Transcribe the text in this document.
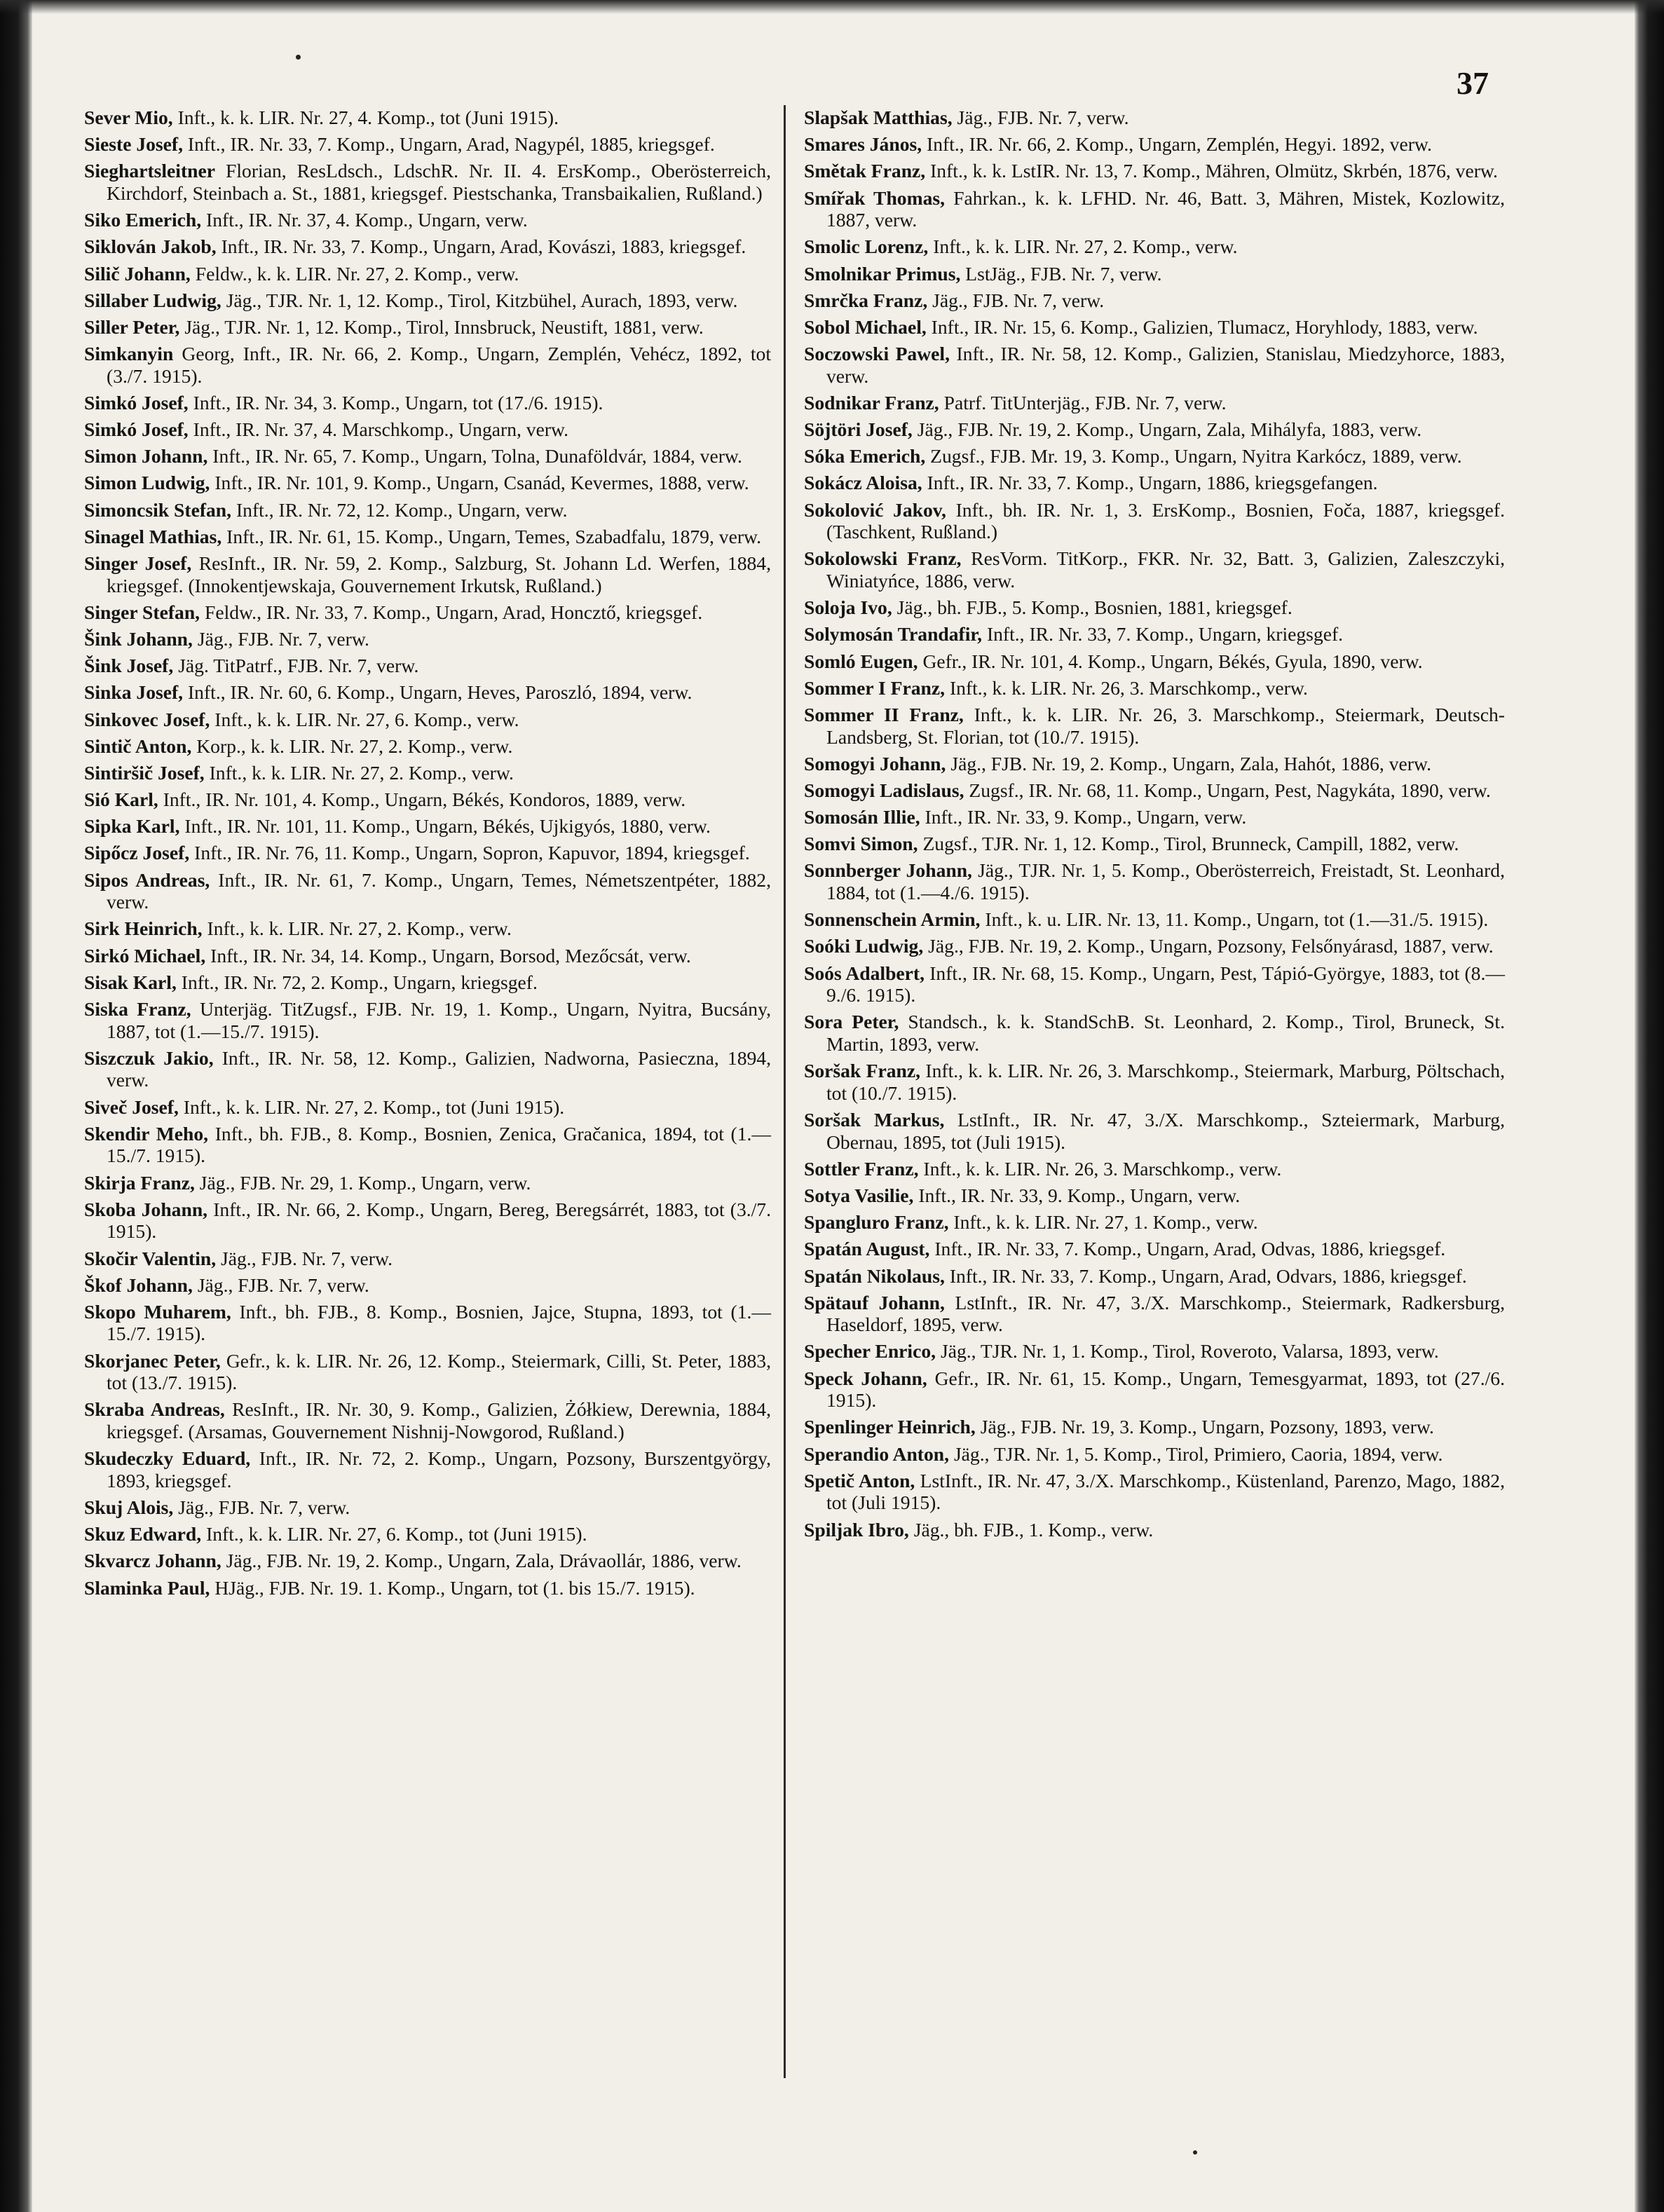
37

Sever Mio, Inft., k. k. LIR. Nr. 27, 4. Komp., tot (Juni 1915).

Sieste Josef, Inft., IR. Nr. 33, 7. Komp., Ungarn, Arad, Nagypél, 1885, kriegsgef.

Sieghartsleitner Florian, ResLdsch., LdschR. Nr. II. 4. ErsKomp., Oberösterreich, Kirchdorf, Steinbach a. St., 1881, kriegsgef. Piestschanka, Transbaikalien, Rußland.)

Siko Emerich, Inft., IR. Nr. 37, 4. Komp., Ungarn, verw.

Siklován Jakob, Inft., IR. Nr. 33, 7. Komp., Ungarn, Arad, Kovászi, 1883, kriegsgef.

Silič Johann, Feldw., k. k. LIR. Nr. 27, 2. Komp., verw.

Sillaber Ludwig, Jäg., TJR. Nr. 1, 12. Komp., Tirol, Kitzbühel, Aurach, 1893, verw.

Siller Peter, Jäg., TJR. Nr. 1, 12. Komp., Tirol, Innsbruck, Neustift, 1881, verw.

Simkanyin Georg, Inft., IR. Nr. 66, 2. Komp., Ungarn, Zemplén, Vehécz, 1892, tot (3./7. 1915).

Simkó Josef, Inft., IR. Nr. 34, 3. Komp., Ungarn, tot (17./6. 1915).

Simkó Josef, Inft., IR. Nr. 37, 4. Marschkomp., Ungarn, verw.

Simon Johann, Inft., IR. Nr. 65, 7. Komp., Ungarn, Tolna, Dunaföldvár, 1884, verw.

Simon Ludwig, Inft., IR. Nr. 101, 9. Komp., Ungarn, Csanád, Kevermes, 1888, verw.

Simoncsik Stefan, Inft., IR. Nr. 72, 12. Komp., Ungarn, verw.

Sinagel Mathias, Inft., IR. Nr. 61, 15. Komp., Ungarn, Temes, Szabadfalu, 1879, verw.

Singer Josef, ResInft., IR. Nr. 59, 2. Komp., Salzburg, St. Johann Ld. Werfen, 1884, kriegsgef. (Innokentjewskaja, Gouvernement Irkutsk, Rußland.)

Singer Stefan, Feldw., IR. Nr. 33, 7. Komp., Ungarn, Arad, Honcztő, kriegsgef.

Šink Johann, Jäg., FJB. Nr. 7, verw.

Šink Josef, Jäg. TitPatrf., FJB. Nr. 7, verw.

Sinka Josef, Inft., IR. Nr. 60, 6. Komp., Ungarn, Heves, Paroszló, 1894, verw.

Sinkovec Josef, Inft., k. k. LIR. Nr. 27, 6. Komp., verw.

Sintič Anton, Korp., k. k. LIR. Nr. 27, 2. Komp., verw.

Sintiršič Josef, Inft., k. k. LIR. Nr. 27, 2. Komp., verw.

Sió Karl, Inft., IR. Nr. 101, 4. Komp., Ungarn, Békés, Kondoros, 1889, verw.

Sipka Karl, Inft., IR. Nr. 101, 11. Komp., Ungarn, Békés, Ujkigyós, 1880, verw.

Sipőcz Josef, Inft., IR. Nr. 76, 11. Komp., Ungarn, Sopron, Kapuvor, 1894, kriegsgef.

Sipos Andreas, Inft., IR. Nr. 61, 7. Komp., Ungarn, Temes, Németszentpéter, 1882, verw.

Sirk Heinrich, Inft., k. k. LIR. Nr. 27, 2. Komp., verw.

Sirkó Michael, Inft., IR. Nr. 34, 14. Komp., Ungarn, Borsod, Mezőcsát, verw.

Sisak Karl, Inft., IR. Nr. 72, 2. Komp., Ungarn, kriegsgef.

Siska Franz, Unterjäg. TitZugsf., FJB. Nr. 19, 1. Komp., Ungarn, Nyitra, Bucsány, 1887, tot (1.—15./7. 1915).

Siszczuk Jakio, Inft., IR. Nr. 58, 12. Komp., Galizien, Nadworna, Pasieczna, 1894, verw.

Siveč Josef, Inft., k. k. LIR. Nr. 27, 2. Komp., tot (Juni 1915).

Skendir Meho, Inft., bh. FJB., 8. Komp., Bosnien, Zenica, Gračanica, 1894, tot (1.—15./7. 1915).

Skirja Franz, Jäg., FJB. Nr. 29, 1. Komp., Ungarn, verw.

Skoba Johann, Inft., IR. Nr. 66, 2. Komp., Ungarn, Bereg, Beregsárrét, 1883, tot (3./7. 1915).

Skočir Valentin, Jäg., FJB. Nr. 7, verw.

Škof Johann, Jäg., FJB. Nr. 7, verw.

Skopo Muharem, Inft., bh. FJB., 8. Komp., Bosnien, Jajce, Stupna, 1893, tot (1.—15./7. 1915).

Skorjanec Peter, Gefr., k. k. LIR. Nr. 26, 12. Komp., Steiermark, Cilli, St. Peter, 1883, tot (13./7. 1915).

Skraba Andreas, ResInft., IR. Nr. 30, 9. Komp., Galizien, Żółkiew, Derewnia, 1884, kriegsgef. (Arsamas, Gouvernement Nishnij-Nowgorod, Rußland.)

Skudeczky Eduard, Inft., IR. Nr. 72, 2. Komp., Ungarn, Pozsony, Burszentgyörgy, 1893, kriegsgef.

Skuj Alois, Jäg., FJB. Nr. 7, verw.

Skuz Edward, Inft., k. k. LIR. Nr. 27, 6. Komp., tot (Juni 1915).

Skvarcz Johann, Jäg., FJB. Nr. 19, 2. Komp., Ungarn, Zala, Drávaollár, 1886, verw.

Slaminka Paul, HJäg., FJB. Nr. 19. 1. Komp., Ungarn, tot (1. bis 15./7. 1915).

Slapšak Matthias, Jäg., FJB. Nr. 7, verw.

Smares János, Inft., IR. Nr. 66, 2. Komp., Ungarn, Zemplén, Hegyi. 1892, verw.

Smětak Franz, Inft., k. k. LstIR. Nr. 13, 7. Komp., Mähren, Olmütz, Skrbén, 1876, verw.

Smířak Thomas, Fahrkan., k. k. LFHD. Nr. 46, Batt. 3, Mähren, Mistek, Kozlowitz, 1887, verw.

Smolic Lorenz, Inft., k. k. LIR. Nr. 27, 2. Komp., verw.

Smolnikar Primus, LstJäg., FJB. Nr. 7, verw.

Smrčka Franz, Jäg., FJB. Nr. 7, verw.

Sobol Michael, Inft., IR. Nr. 15, 6. Komp., Galizien, Tlumacz, Horyhlody, 1883, verw.

Soczowski Pawel, Inft., IR. Nr. 58, 12. Komp., Galizien, Stanislau, Miedzyhorce, 1883, verw.

Sodnikar Franz, Patrf. TitUnterjäg., FJB. Nr. 7, verw.

Söjtöri Josef, Jäg., FJB. Nr. 19, 2. Komp., Ungarn, Zala, Mihályfa, 1883, verw.

Sóka Emerich, Zugsf., FJB. Mr. 19, 3. Komp., Ungarn, Nyitra Karkócz, 1889, verw.

Sokácz Aloisa, Inft., IR. Nr. 33, 7. Komp., Ungarn, 1886, kriegsgefangen.

Sokolović Jakov, Inft., bh. IR. Nr. 1, 3. ErsKomp., Bosnien, Foča, 1887, kriegsgef. (Taschkent, Rußland.)

Sokolowski Franz, ResVorm. TitKorp., FKR. Nr. 32, Batt. 3, Galizien, Zaleszczyki, Winiatyńce, 1886, verw.

Soloja Ivo, Jäg., bh. FJB., 5. Komp., Bosnien, 1881, kriegsgef.

Solymosán Trandafir, Inft., IR. Nr. 33, 7. Komp., Ungarn, kriegsgef.

Somló Eugen, Gefr., IR. Nr. 101, 4. Komp., Ungarn, Békés, Gyula, 1890, verw.

Sommer I Franz, Inft., k. k. LIR. Nr. 26, 3. Marschkomp., verw.

Sommer II Franz, Inft., k. k. LIR. Nr. 26, 3. Marschkomp., Steiermark, Deutsch-Landsberg, St. Florian, tot (10./7. 1915).

Somogyi Johann, Jäg., FJB. Nr. 19, 2. Komp., Ungarn, Zala, Hahót, 1886, verw.

Somogyi Ladislaus, Zugsf., IR. Nr. 68, 11. Komp., Ungarn, Pest, Nagykáta, 1890, verw.

Somosán Illie, Inft., IR. Nr. 33, 9. Komp., Ungarn, verw.

Somvi Simon, Zugsf., TJR. Nr. 1, 12. Komp., Tirol, Brunneck, Campill, 1882, verw.

Sonnberger Johann, Jäg., TJR. Nr. 1, 5. Komp., Oberösterreich, Freistadt, St. Leonhard, 1884, tot (1.—4./6. 1915).

Sonnenschein Armin, Inft., k. u. LIR. Nr. 13, 11. Komp., Ungarn, tot (1.—31./5. 1915).

Soóki Ludwig, Jäg., FJB. Nr. 19, 2. Komp., Ungarn, Pozsony, Felsőnyárasd, 1887, verw.

Soós Adalbert, Inft., IR. Nr. 68, 15. Komp., Ungarn, Pest, Tápió-Györgye, 1883, tot (8.—9./6. 1915).

Sora Peter, Standsch., k. k. StandSchB. St. Leonhard, 2. Komp., Tirol, Bruneck, St. Martin, 1893, verw.

Soršak Franz, Inft., k. k. LIR. Nr. 26, 3. Marschkomp., Steiermark, Marburg, Pöltschach, tot (10./7. 1915).

Soršak Markus, LstInft., IR. Nr. 47, 3./X. Marschkomp., Szteiermark, Marburg, Obernau, 1895, tot (Juli 1915).

Sottler Franz, Inft., k. k. LIR. Nr. 26, 3. Marschkomp., verw.

Sotya Vasilie, Inft., IR. Nr. 33, 9. Komp., Ungarn, verw.

Spangluro Franz, Inft., k. k. LIR. Nr. 27, 1. Komp., verw.

Spatán August, Inft., IR. Nr. 33, 7. Komp., Ungarn, Arad, Odvas, 1886, kriegsgef.

Spatán Nikolaus, Inft., IR. Nr. 33, 7. Komp., Ungarn, Arad, Odvars, 1886, kriegsgef.

Spätauf Johann, LstInft., IR. Nr. 47, 3./X. Marschkomp., Steiermark, Radkersburg, Haseldorf, 1895, verw.

Specher Enrico, Jäg., TJR. Nr. 1, 1. Komp., Tirol, Roveroto, Valarsa, 1893, verw.

Speck Johann, Gefr., IR. Nr. 61, 15. Komp., Ungarn, Temesgyarmat, 1893, tot (27./6. 1915).

Spenlinger Heinrich, Jäg., FJB. Nr. 19, 3. Komp., Ungarn, Pozsony, 1893, verw.

Sperandio Anton, Jäg., TJR. Nr. 1, 5. Komp., Tirol, Primiero, Caoria, 1894, verw.

Spetič Anton, LstInft., IR. Nr. 47, 3./X. Marschkomp., Küstenland, Parenzo, Mago, 1882, tot (Juli 1915).

Spiljak Ibro, Jäg., bh. FJB., 1. Komp., verw.
